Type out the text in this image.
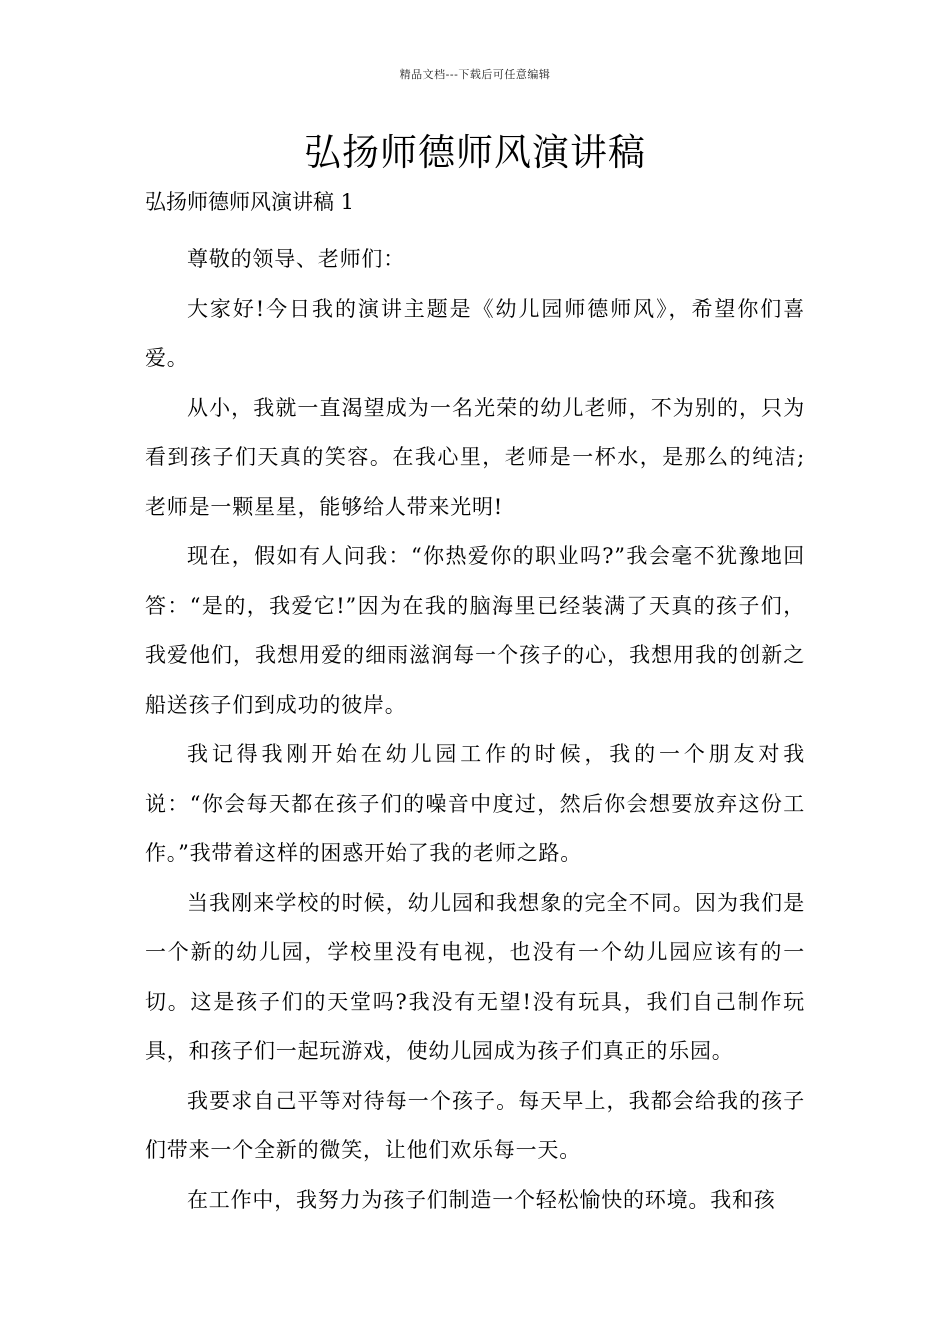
精品文档---下载后可任意编辑
弘扬师德师风演讲稿
弘扬师德师风演讲稿 1

尊敬的领导、老师们：

大家好!今日我的演讲主题是《幼儿园师德师风》，希望你们喜爱。

从小，我就一直渴望成为一名光荣的幼儿老师，不为别的，只为看到孩子们天真的笑容。在我心里，老师是一杯水，是那么的纯洁;老师是一颗星星，能够给人带来光明!

现在，假如有人问我：“你热爱你的职业吗?”我会毫不犹豫地回答：“是的，我爱它!”因为在我的脑海里已经装满了天真的孩子们，我爱他们，我想用爱的细雨滋润每一个孩子的心，我想用我的创新之船送孩子们到成功的彼岸。

我记得我刚开始在幼儿园工作的时候，我的一个朋友对我说：“你会每天都在孩子们的噪音中度过，然后你会想要放弃这份工作。”我带着这样的困惑开始了我的老师之路。

当我刚来学校的时候，幼儿园和我想象的完全不同。因为我们是一个新的幼儿园，学校里没有电视，也没有一个幼儿园应该有的一切。这是孩子们的天堂吗?我没有无望!没有玩具，我们自己制作玩具，和孩子们一起玩游戏，使幼儿园成为孩子们真正的乐园。

我要求自己平等对待每一个孩子。每天早上，我都会给我的孩子们带来一个全新的微笑，让他们欢乐每一天。

在工作中，我努力为孩子们制造一个轻松愉快的环境。我和孩
